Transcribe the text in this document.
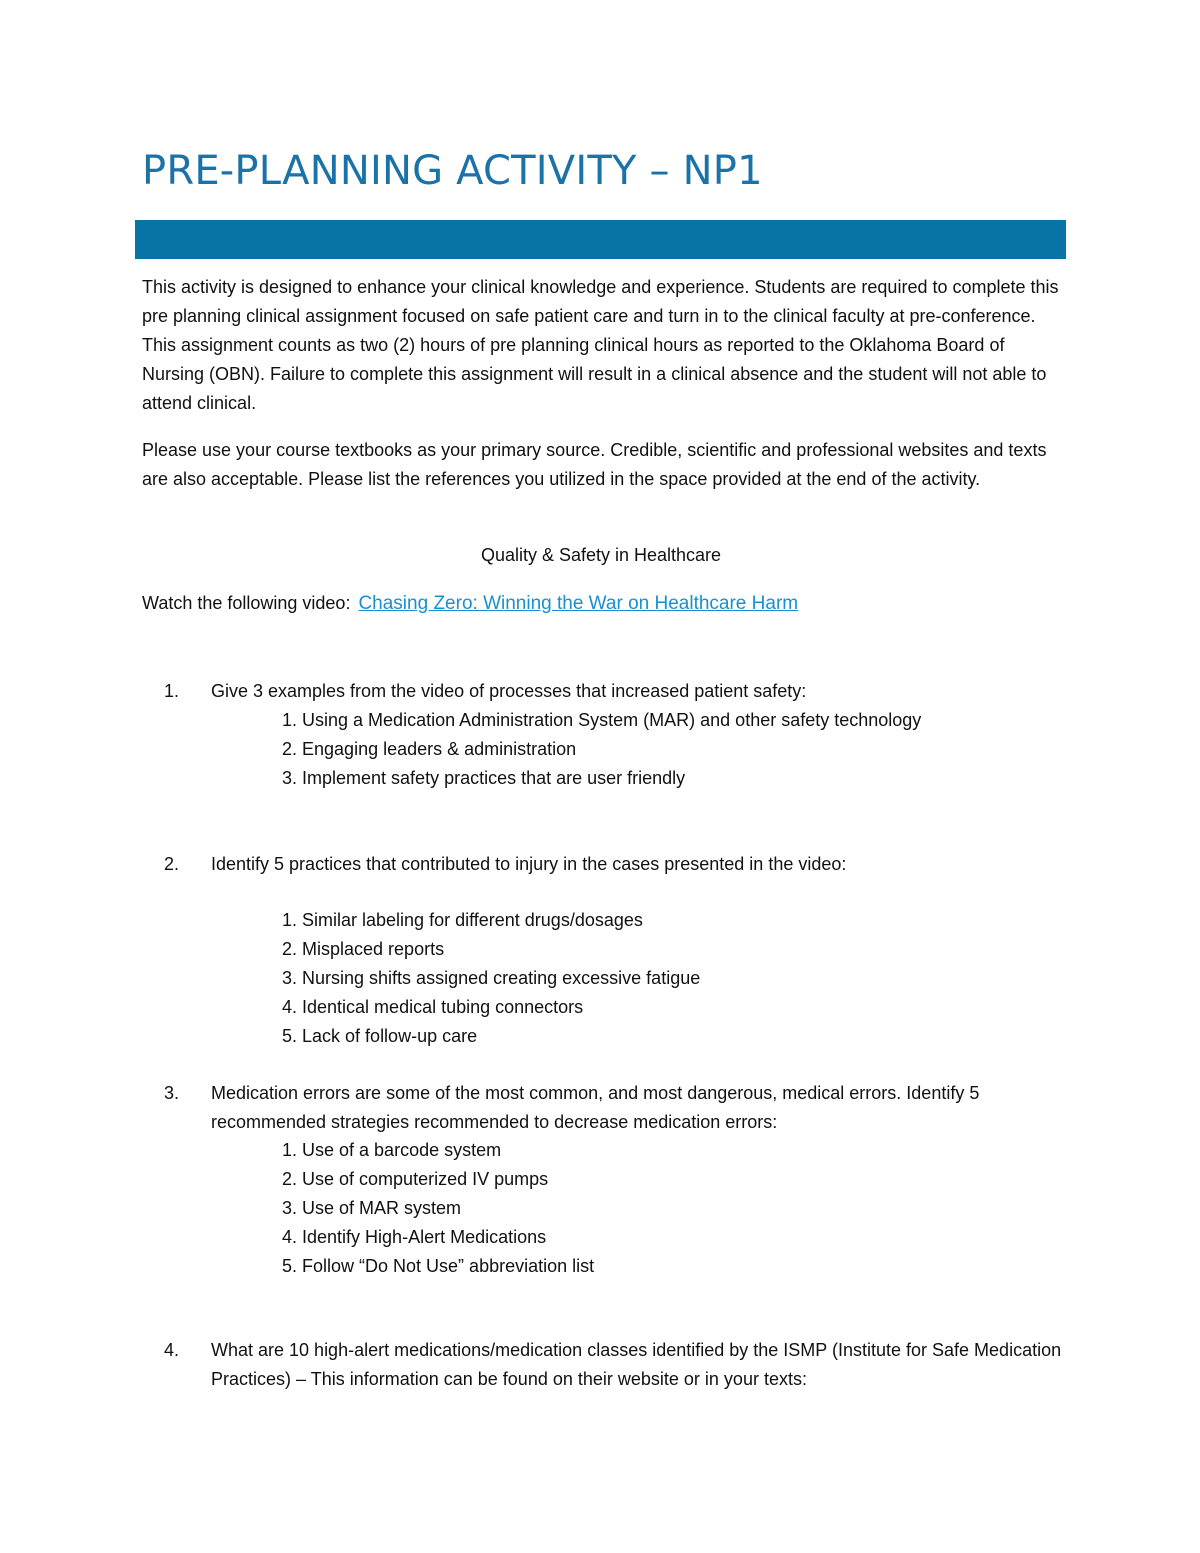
PRE-PLANNING ACTIVITY – NP1

This activity is designed to enhance your clinical knowledge and experience. Students are required to complete this pre planning clinical assignment focused on safe patient care and turn in to the clinical faculty at pre-conference. This assignment counts as two (2) hours of pre planning clinical hours as reported to the Oklahoma Board of Nursing (OBN). Failure to complete this assignment will result in a clinical absence and the student will not able to attend clinical.

Please use your course textbooks as your primary source. Credible, scientific and professional websites and texts are also acceptable. Please list the references you utilized in the space provided at the end of the activity.

Quality & Safety in Healthcare

Watch the following video: Chasing Zero: Winning the War on Healthcare Harm

1. Give 3 examples from the video of processes that increased patient safety:

1. Using a Medication Administration System (MAR) and other safety technology
2. Engaging leaders & administration
3. Implement safety practices that are user friendly
2. Identify 5 practices that contributed to injury in the cases presented in the video:

1. Similar labeling for different drugs/dosages
2. Misplaced reports
3. Nursing shifts assigned creating excessive fatigue
4. Identical medical tubing connectors
5. Lack of follow-up care
3. Medication errors are some of the most common, and most dangerous, medical errors. Identify 5 recommended strategies recommended to decrease medication errors:

1. Use of a barcode system
2. Use of computerized IV pumps
3. Use of MAR system
4. Identify High-Alert Medications
5. Follow “Do Not Use” abbreviation list
4. What are 10 high-alert medications/medication classes identified by the ISMP (Institute for Safe Medication Practices) – This information can be found on their website or in your texts:
